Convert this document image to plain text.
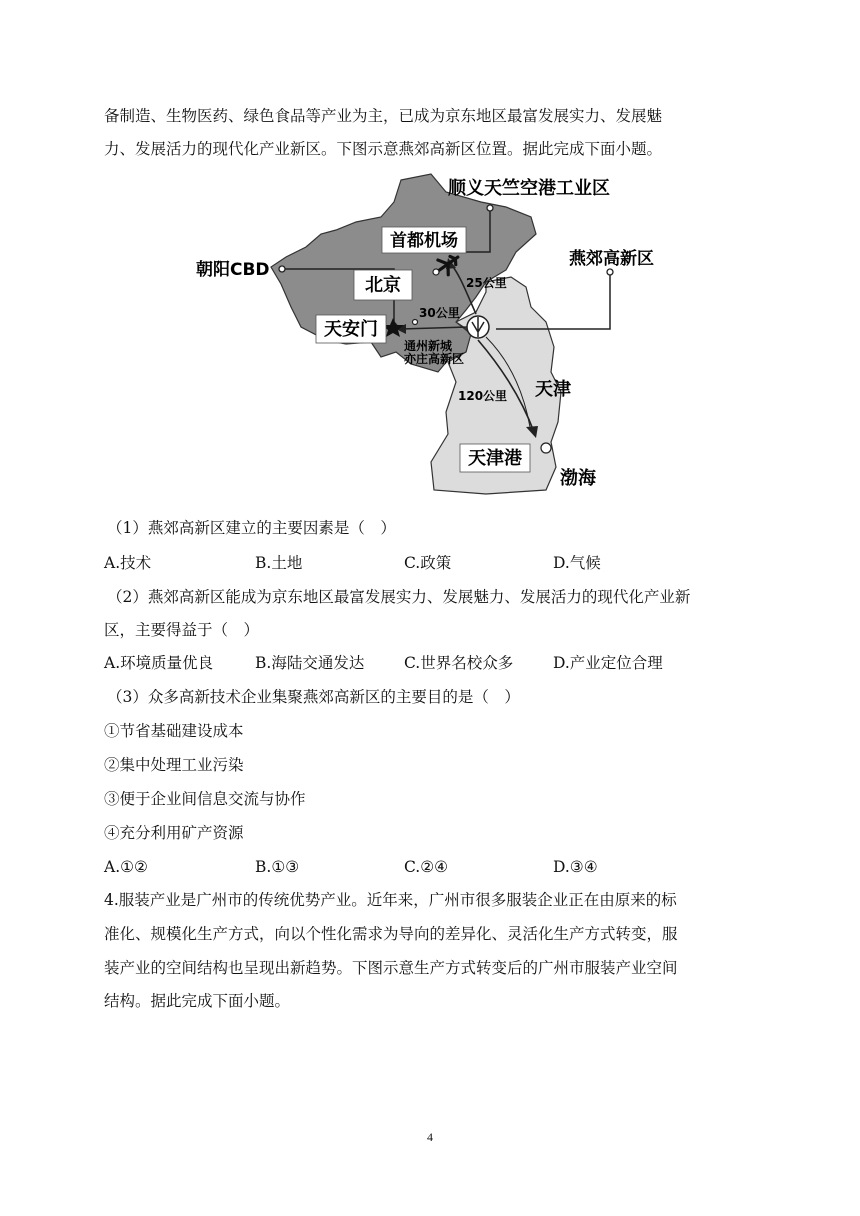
备制造、生物医药、绿色食品等产业为主，已成为京东地区最富发展实力、发展魅
力、发展活力的现代化产业新区。下图示意燕郊高新区位置。据此完成下面小题。
顺义天竺空港工业区
首都机场
燕郊高新区
朝阳CBD
北京
天安门
通州新城
亦庄高新区
天津
天津港
渤海
25公里
30公里
120公里
（1）燕郊高新区建立的主要因素是（　）
A.技术	B.土地	C.政策	D.气候
（2）燕郊高新区能成为京东地区最富发展实力、发展魅力、发展活力的现代化产业新
区，主要得益于（　）
A.环境质量优良	B.海陆交通发达	C.世界名校众多	D.产业定位合理
（3）众多高新技术企业集聚燕郊高新区的主要目的是（　）
①节省基础建设成本
②集中处理工业污染
③便于企业间信息交流与协作
④充分利用矿产资源
A.①②	B.①③	C.②④	D.③④
4.服装产业是广州市的传统优势产业。近年来，广州市很多服装企业正在由原来的标
准化、规模化生产方式，向以个性化需求为导向的差异化、灵活化生产方式转变，服
装产业的空间结构也呈现出新趋势。下图示意生产方式转变后的广州市服装产业空间
结构。据此完成下面小题。
4
